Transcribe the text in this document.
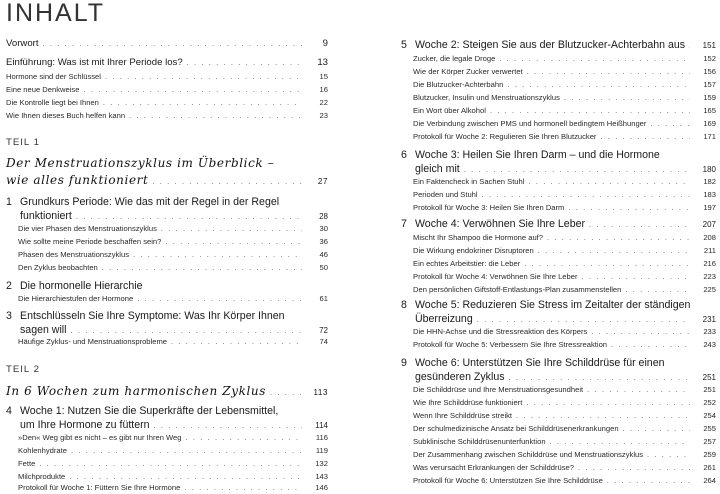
INHALT
Vorwort . . .	9
Einführung: Was ist mit Ihrer Periode los? . . .	13
Hormone sind der Schlüssel . . .	15
Eine neue Denkweise . . .	16
Die Kontrolle liegt bei Ihnen . . .	22
Wie Ihnen dieses Buch helfen kann . . .	23
TEIL 1
Der Menstruationszyklus im Überblick –
wie alles funktioniert . . .	27
1 Grundkurs Periode: Wie das mit der Regel in der Regel
funktioniert . . .	28
Die vier Phasen des Menstruationszyklus . . .	30
Wie sollte meine Periode beschaffen sein? . . .	36
Phasen des Menstruationszyklus . . .	46
Den Zyklus beobachten . . .	50
2 Die hormonelle Hierarchie
Die Hierarchiestufen der Hormone . . .	61
3 Entschlüsseln Sie Ihre Symptome: Was Ihr Körper Ihnen
sagen will . . .	72
Häufige Zyklus- und Menstruationsprobleme . . .	74
TEIL 2
In 6 Wochen zum harmonischen Zyklus . . .	113
4 Woche 1: Nutzen Sie die Superkräfte der Lebensmittel,
um Ihre Hormone zu füttern . . .	114
»Den« Weg gibt es nicht – es gibt nur Ihren Weg . . .	116
Kohlenhydrate . . .	119
Fette . . .	132
Milchprodukte . . .	143
Protokoll für Woche 1: Füttern Sie Ihre Hormone . . .	146
5 Woche 2: Steigen Sie aus der Blutzucker-Achterbahn aus . . .	151
Zucker, die legale Droge . . .	152
Wie der Körper Zucker verwertet . . .	156
Die Blutzucker-Achterbahn . . .	157
Blutzucker, Insulin und Menstruationszyklus . . .	159
Ein Wort über Alkohol . . .	165
Die Verbindung zwischen PMS und hormonell bedingtem Heißhunger . . .	169
Protokoll für Woche 2: Regulieren Sie Ihren Blutzucker . . .	171
6 Woche 3: Heilen Sie Ihren Darm – und die Hormone
gleich mit . . .	180
Ein Faktencheck in Sachen Stuhl . . .	182
Perioden und Stuhl . . .	183
Protokoll für Woche 3: Heilen Sie Ihren Darm . . .	197
7 Woche 4: Verwöhnen Sie Ihre Leber . . .	207
Mischt Ihr Shampoo die Hormone auf? . . .	208
Die Wirkung endokriner Disruptoren . . .	211
Ein echtes Arbeitstier: die Leber . . .	216
Protokoll für Woche 4: Verwöhnen Sie Ihre Leber . . .	223
Den persönlichen Giftstoff-Entlastungs-Plan zusammenstellen . . .	225
8 Woche 5: Reduzieren Sie Stress im Zeitalter der ständigen
Überreizung . . .	231
Die HHN-Achse und die Stressreaktion des Körpers . . .	233
Protokoll für Woche 5: Verbessern Sie Ihre Stressreaktion . . .	243
9 Woche 6: Unterstützen Sie Ihre Schilddrüse für einen
gesünderen Zyklus . . .	251
Die Schilddrüse und Ihre Menstruationsgesundheit . . .	251
Wie Ihre Schilddrüse funktioniert . . .	252
Wenn Ihre Schilddrüse streikt . . .	254
Der schulmedizinische Ansatz bei Schilddrüsenerkrankungen . . .	255
Subklinische Schilddrüsenunterfunktion . . .	257
Der Zusammenhang zwischen Schilddrüse und Menstruationszyklus . . .	259
Was verursacht Erkrankungen der Schilddrüse? . . .	261
Protokoll für Woche 6: Unterstützen Sie Ihre Schilddrüse . . .	264
